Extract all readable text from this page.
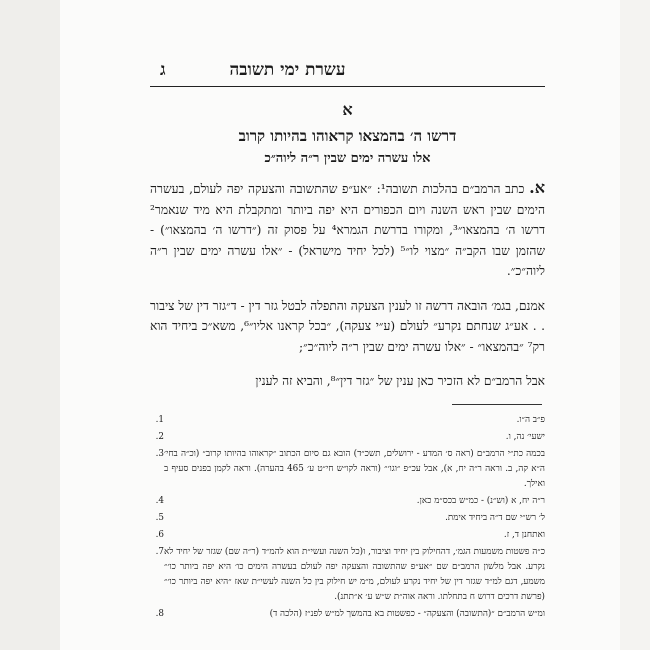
ג	עשרת ימי תשובה
א
דרשו ה׳ בהמצאו קראוהו בהיותו קרוב
אלו עשרה ימים שבין ר״ה ליוה״כ

א. כתב הרמב״ם בהלכות תשובה¹: ״אע״פ שהתשובה והצעקה יפה לעולם, בעשרה הימים שבין ראש השנה ויום הכפורים היא יפה ביותר ומתקבלת היא מיד שנאמר² דרשו ה׳ בהמצאו״³, ומקורו בדרשת הגמרא⁴ על פסוק זה (״דרשו ה׳ בהמצאו״) - שהזמן שבו הקב״ה ״מצוי לו״⁵ (לכל יחיד מישראל) - ״אלו עשרה ימים שבין ר״ה ליוה״כ״.

אמנם, בגמ׳ הובאה דרשה זו לענין הצעקה והתפלה לבטל גזר דין - ד״גזר דין של ציבור . . אע״ג שנחתם נקרע״ לעולם (ע״י צעקה), ״בכל קראנו אליו״⁶, משא״כ ביחיד הוא רק⁷ ״בהמצאו״ - ״אלו עשרה ימים שבין ר״ה ליוה״כ״;

אבל הרמב״ם לא הזכיר כאן ענין של ״גזר דין״⁸, והביא זה לענין

פ״ב ה״ו.
1.
ישעי׳ נה, ו.
2.
בכמה כת״י הרמב״ם (ראה ס׳ המדע - ירושלים, תשכ״ד) הובא גם סיום הכתוב ״קראוהו בהיותו קרוב״ (וכ״ה בחי׳ ה״א קה, ב. וראה ר״ה יח, א), אבל עכ״פ ״וגו׳״ (וראה לקו״ש חי״ט ע׳ 465 בהערה). וראה לקמן בפנים סעיף ב ואילך.
3.
ר״ה יח, א (וש״נ) - כמ״ש בכס״מ כאן.
4.
ל׳ רש״י שם ד״ה ביחיד אימת.
5.
ואתחנן ד, ז.
6.
כ״ה פשטות משמעות הגמ׳, דהחילוק בין יחיד וציבור, ו(כל השנה ועשי״ת הוא להמ״ד (ר״ה שם) שגזר של יחיד לא נקרע. אבל מלשון הרמב״ם שם ״אע״פ שהתשובה והצעקה יפה לעולם בעשרה הימים כו׳ היא יפה ביותר כו׳״ משמע, דגם למ״ד שגזר דין של יחיד נקרע לעולם, מ״מ יש חילוק בין כל השנה לעשי״ת שאז ״היא יפה ביותר כו׳״ (פרשת דרכים דרוש ח בתחלתו. וראה אוה״ת ש״ש ע׳ א״תתנ).
7.
ומ״ש הרמב״ם ״(התשובה) והצעקה״ - כפשטות בא בהמשך למ״ש לפנ״ז (הלכה ד)
8.
